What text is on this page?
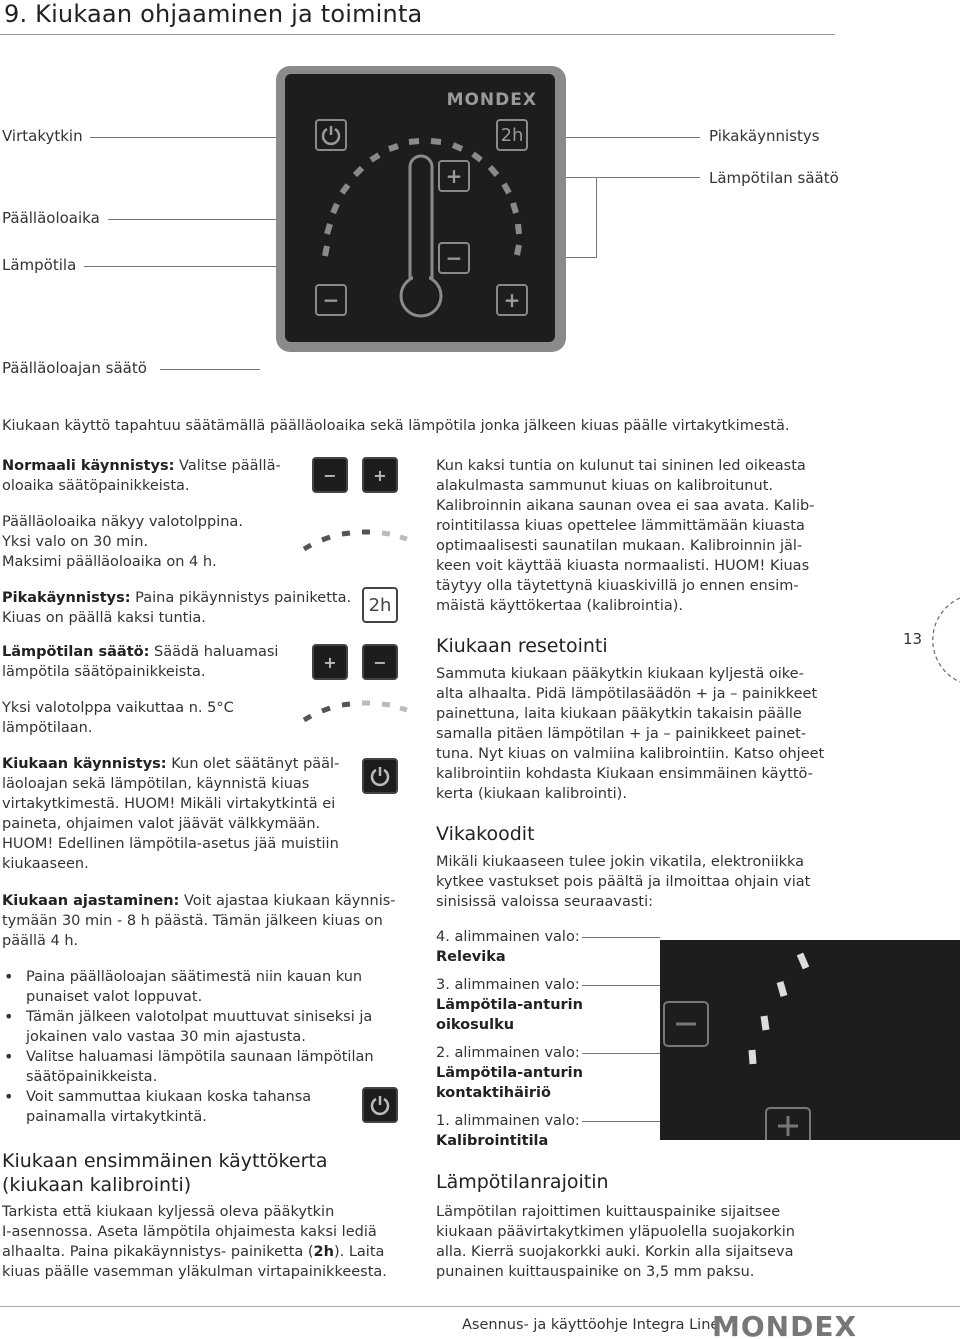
9. Kiukaan ohjaaminen ja toiminta
Virtakytkin	Pikakäynnistys
Lämpötilan säätö
Päälläoloaika
Lämpötila
Päälläoloajan säätö
MONDEX
2h
+
−
−	+
Kiukaan käyttö tapahtuu säätämällä päälläoloaika sekä lämpötila jonka jälkeen kiuas päälle virtakytkimestä.
Normaali käynnistys: Valitse päällä-
oloaika säätöpainikkeista.
Päälläoloaika näkyy valotolppina.
Yksi valo on 30 min.
Maksimi päälläoloaika on 4 h.
Pikakäynnistys: Paina pikäynnistys painiketta.
Kiuas on päällä kaksi tuntia.
Lämpötilan säätö: Säädä haluamasi
lämpötila säätöpainikkeista.
Yksi valotolppa vaikuttaa n. 5°C
lämpötilaan.
Kiukaan käynnistys: Kun olet säätänyt pääl-
läoloajan sekä lämpötilan, käynnistä kiuas
virtakytkimestä. HUOM! Mikäli virtakytkintä ei
paineta, ohjaimen valot jäävät välkkymään.
HUOM! Edellinen lämpötila-asetus jää muistiin
kiukaaseen.
Kiukaan ajastaminen: Voit ajastaa kiukaan käynnis-
tymään 30 min - 8 h päästä. Tämän jälkeen kiuas on
päällä 4 h.
• Paina päälläoloajan säätimestä niin kauan kun
punaiset valot loppuvat.
• Tämän jälkeen valotolpat muuttuvat siniseksi ja
jokainen valo vastaa 30 min ajastusta.
• Valitse haluamasi lämpötila saunaan lämpötilan
säätöpainikkeista.
• Voit sammuttaa kiukaan koska tahansa
painamalla virtakytkintä.
Kiukaan ensimmäinen käyttökerta
(kiukaan kalibrointi)
Tarkista että kiukaan kyljessä oleva pääkytkin
I-asennossa. Aseta lämpötila ohjaimesta kaksi lediä
alhaalta. Paina pikakäynnistys- painiketta (2h). Laita
kiuas päälle vasemman yläkulman virtapainikkeesta.
− +
2h
+ −
Kun kaksi tuntia on kulunut tai sininen led oikeasta
alakulmasta sammunut kiuas on kalibroitunut.
Kalibroinnin aikana saunan ovea ei saa avata. Kalib-
rointitilassa kiuas opettelee lämmittämään kiuasta
optimaalisesti saunatilan mukaan. Kalibroinnin jäl-
keen voit käyttää kiuasta normaalisti. HUOM! Kiuas
täytyy olla täytettynä kiuaskivillä jo ennen ensim-
mäistä käyttökertaa (kalibrointia).
Kiukaan resetointi
Sammuta kiukaan pääkytkin kiukaan kyljestä oike-
alta alhaalta. Pidä lämpötilasäädön + ja – painikkeet
painettuna, laita kiukaan pääkytkin takaisin päälle
samalla pitäen lämpötilan + ja – painikkeet painet-
tuna. Nyt kiuas on valmiina kalibrointiin. Katso ohjeet
kalibrointiin kohdasta Kiukaan ensimmäinen käyttö-
kerta (kiukaan kalibrointi).
Vikakoodit
Mikäli kiukaaseen tulee jokin vikatila, elektroniikka
kytkee vastukset pois päältä ja ilmoittaa ohjain viat
sinisissä valoissa seuraavasti:
4. alimmainen valo:
Relevika
3. alimmainen valo:
Lämpötila-anturin
oikosulku
2. alimmainen valo:
Lämpötila-anturin
kontaktihäiriö
1. alimmainen valo:
Kalibrointitila
Lämpötilanrajoitin
Lämpötilan rajoittimen kuittauspainike sijaitsee
kiukaan päävirtakytkimen yläpuolella suojakorkin
alla. Kierrä suojakorkki auki. Korkin alla sijaitseva
punainen kuittauspainike on 3,5 mm paksu.
13
Asennus- ja käyttöohje Integra Line
MONDEX
